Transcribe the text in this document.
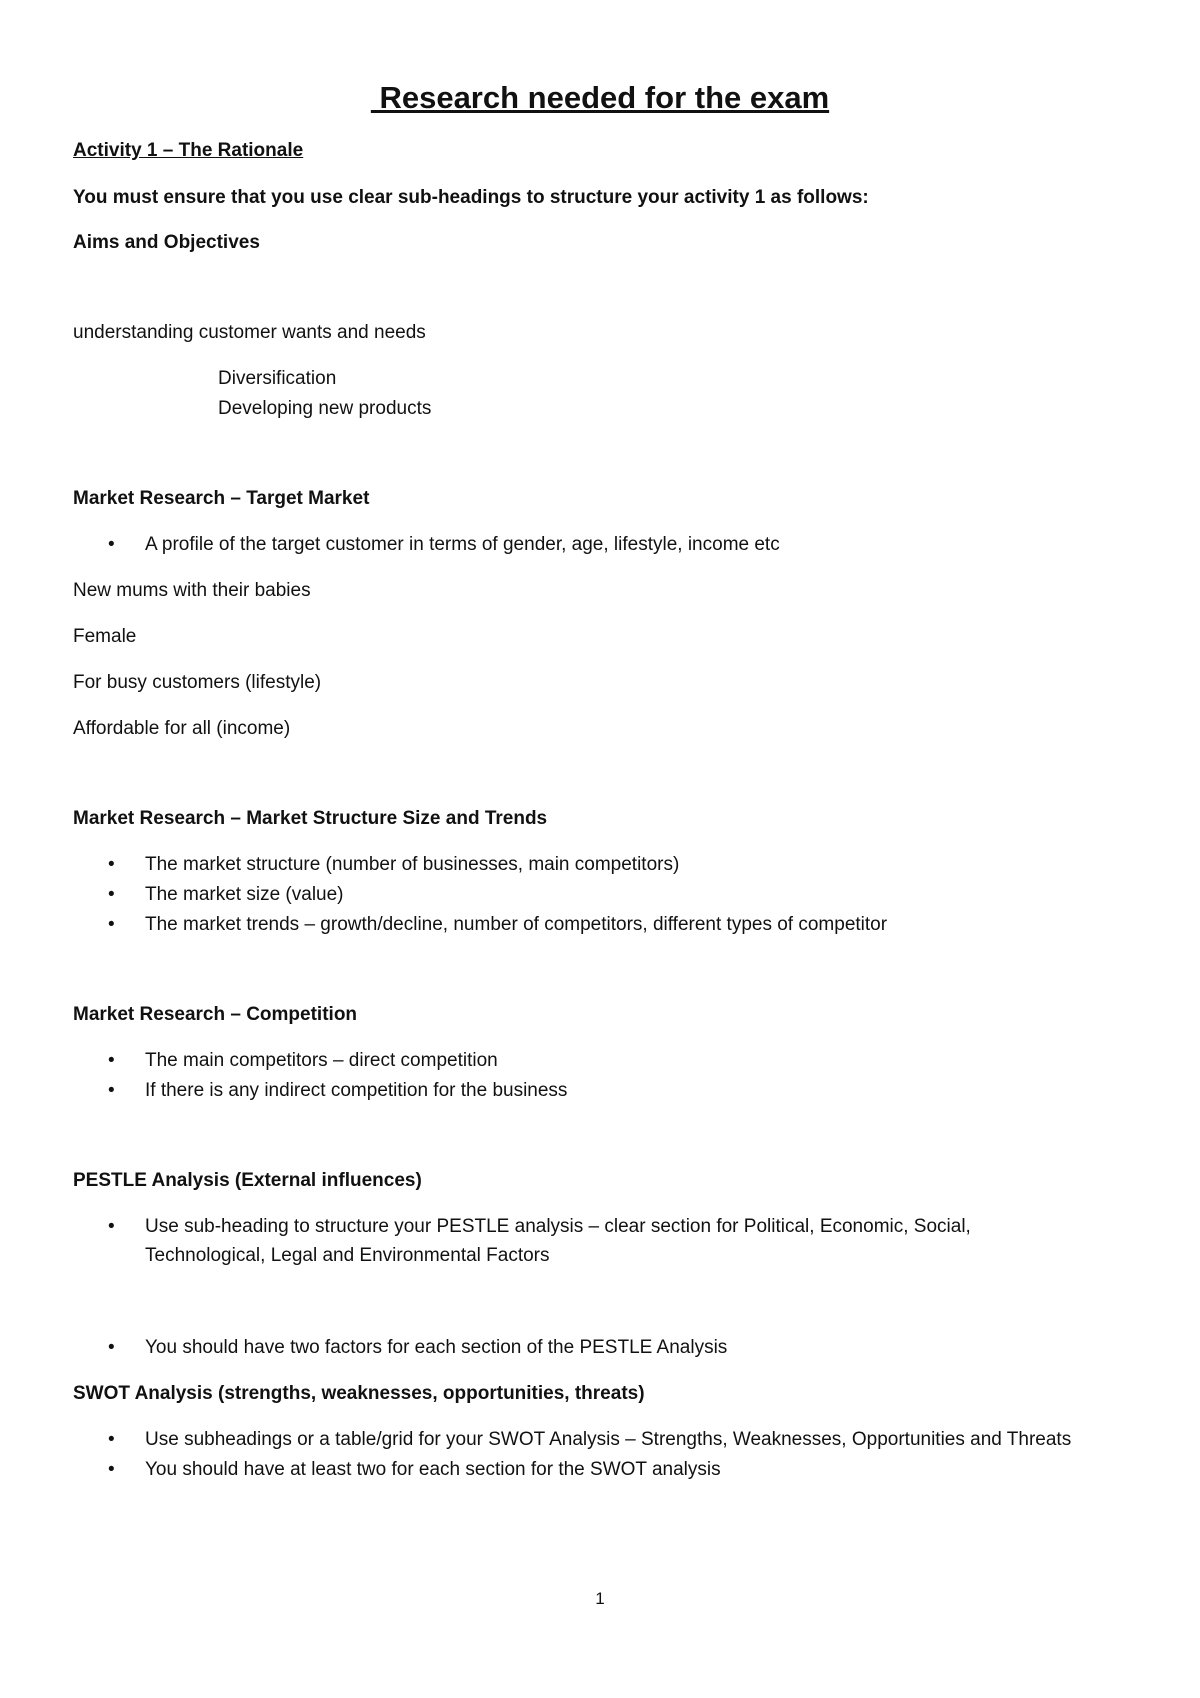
Research needed for the exam
Activity 1 – The Rationale
You must ensure that you use clear sub-headings to structure your activity 1 as follows:
Aims and Objectives
understanding customer wants and needs
Diversification
Developing new products
Market Research – Target Market
• A profile of the target customer in terms of gender, age, lifestyle, income etc
New mums with their babies
Female
For busy customers (lifestyle)
Affordable for all (income)
Market Research – Market Structure Size and Trends
• The market structure (number of businesses, main competitors)
• The market size (value)
• The market trends – growth/decline, number of competitors, different types of competitor
Market Research – Competition
• The main competitors – direct competition
• If there is any indirect competition for the business
PESTLE Analysis (External influences)
• Use sub-heading to structure your PESTLE analysis – clear section for Political, Economic, Social,
Technological, Legal and Environmental Factors
• You should have two factors for each section of the PESTLE Analysis
SWOT Analysis (strengths, weaknesses, opportunities, threats)
• Use subheadings or a table/grid for your SWOT Analysis – Strengths, Weaknesses, Opportunities and Threats
• You should have at least two for each section for the SWOT analysis
1
